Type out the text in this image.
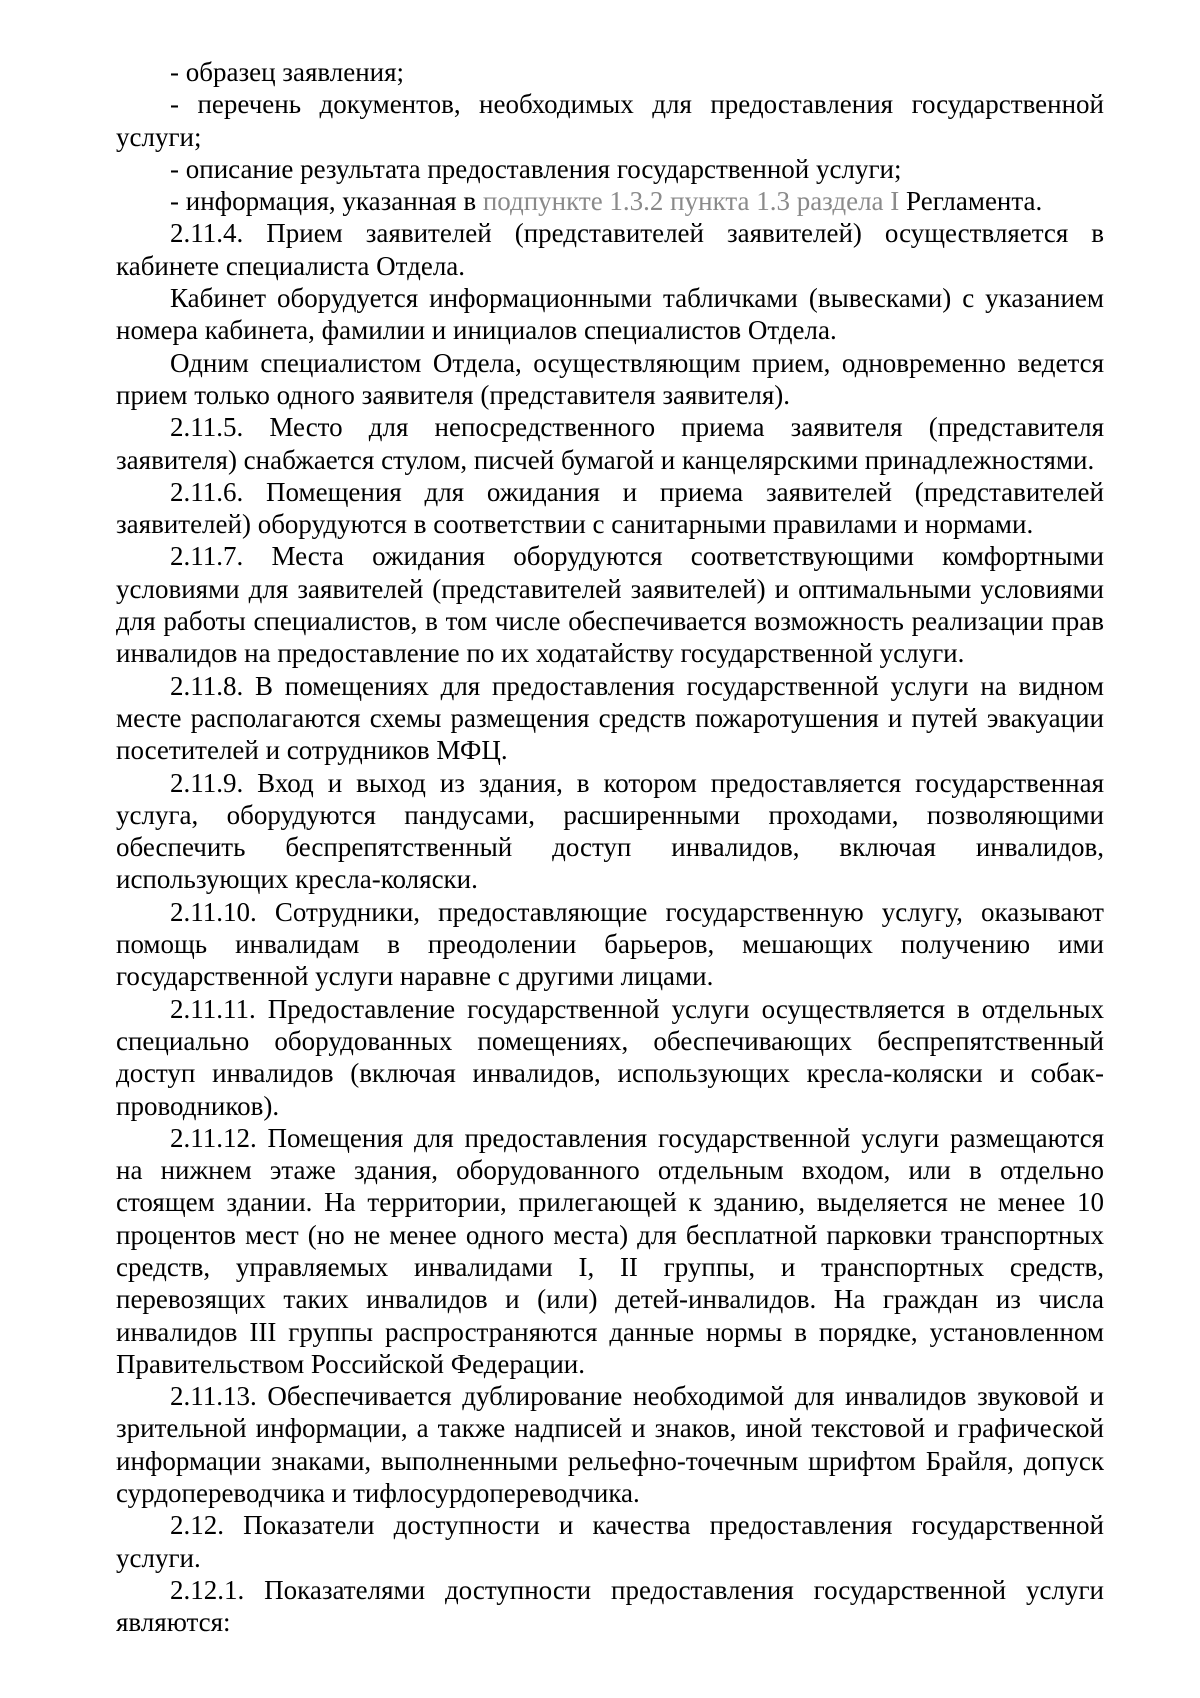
- образец заявления;

- перечень документов, необходимых для предоставления государственной услуги;

- описание результата предоставления государственной услуги;

- информация, указанная в подпункте 1.3.2 пункта 1.3 раздела I Регламента.

2.11.4. Прием заявителей (представителей заявителей) осуществляется в кабинете специалиста Отдела.

Кабинет оборудуется информационными табличками (вывесками) с указанием номера кабинета, фамилии и инициалов специалистов Отдела.

Одним специалистом Отдела, осуществляющим прием, одновременно ведется прием только одного заявителя (представителя заявителя).

2.11.5. Место для непосредственного приема заявителя (представителя заявителя) снабжается стулом, писчей бумагой и канцелярскими принадлежностями.

2.11.6. Помещения для ожидания и приема заявителей (представителей заявителей) оборудуются в соответствии с санитарными правилами и нормами.

2.11.7. Места ожидания оборудуются соответствующими комфортными условиями для заявителей (представителей заявителей) и оптимальными условиями для работы специалистов, в том числе обеспечивается возможность реализации прав инвалидов на предоставление по их ходатайству государственной услуги.

2.11.8. В помещениях для предоставления государственной услуги на видном месте располагаются схемы размещения средств пожаротушения и путей эвакуации посетителей и сотрудников МФЦ.

2.11.9. Вход и выход из здания, в котором предоставляется государственная услуга, оборудуются пандусами, расширенными проходами, позволяющими обеспечить беспрепятственный доступ инвалидов, включая инвалидов, использующих кресла-коляски.

2.11.10. Сотрудники, предоставляющие государственную услугу, оказывают помощь инвалидам в преодолении барьеров, мешающих получению ими государственной услуги наравне с другими лицами.

2.11.11. Предоставление государственной услуги осуществляется в отдельных специально оборудованных помещениях, обеспечивающих беспрепятственный доступ инвалидов (включая инвалидов, использующих кресла-коляски и собак-проводников).

2.11.12. Помещения для предоставления государственной услуги размещаются на нижнем этаже здания, оборудованного отдельным входом, или в отдельно стоящем здании. На территории, прилегающей к зданию, выделяется не менее 10 процентов мест (но не менее одного места) для бесплатной парковки транспортных средств, управляемых инвалидами I, II группы, и транспортных средств, перевозящих таких инвалидов и (или) детей-инвалидов. На граждан из числа инвалидов III группы распространяются данные нормы в порядке, установленном Правительством Российской Федерации.

2.11.13. Обеспечивается дублирование необходимой для инвалидов звуковой и зрительной информации, а также надписей и знаков, иной текстовой и графической информации знаками, выполненными рельефно-точечным шрифтом Брайля, допуск сурдопереводчика и тифлосурдопереводчика.

2.12. Показатели доступности и качества предоставления государственной услуги.

2.12.1. Показателями доступности предоставления государственной услуги являются:
